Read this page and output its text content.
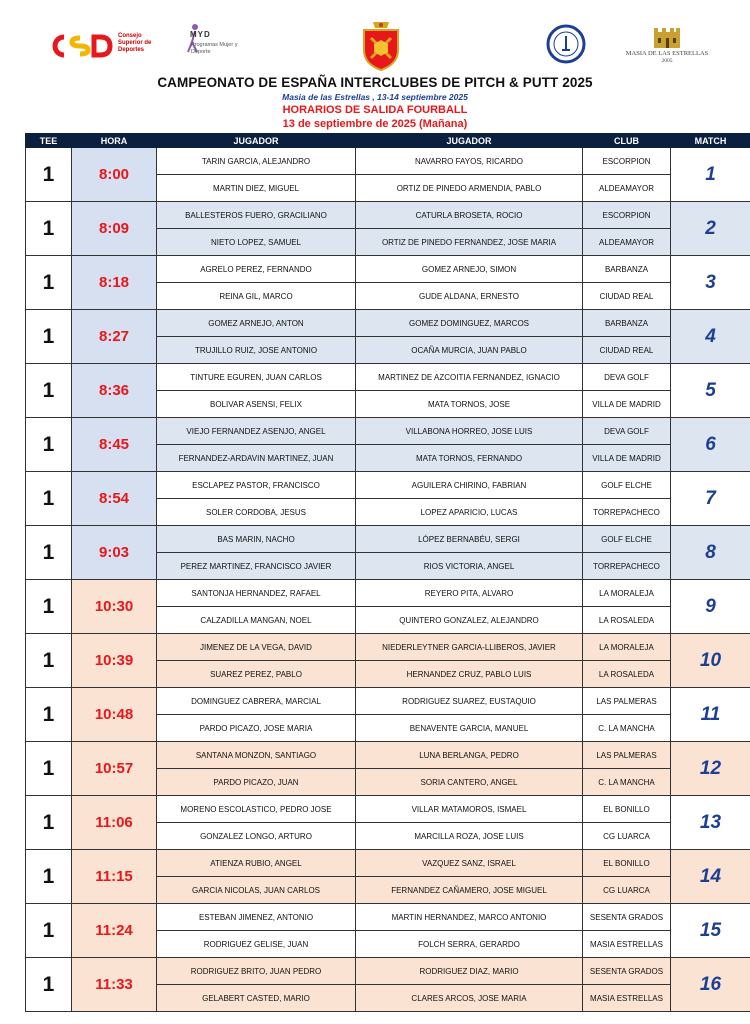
Consejo Superior de Deportes
MYD
Programas Mujer y Deporte	MASIA DE LAS ESTRELLAS
2005
CAMPEONATO DE ESPAÑA INTERCLUBES DE PITCH & PUTT 2025
Masia de las Estrellas , 13-14 septiembre 2025
HORARIOS DE SALIDA FOURBALL
13 de septiembre de 2025 (Mañana)
TEE	HORA	JUGADOR	JUGADOR	CLUB	MATCH
1	8:00	TARIN GARCIA, ALEJANDRO	NAVARRO FAYOS, RICARDO	ESCORPION	1
		MARTIN DIEZ, MIGUEL	ORTIZ DE PINEDO ARMENDIA, PABLO	ALDEAMAYOR	
1	8:09	BALLESTEROS FUERO, GRACILIANO	CATURLA BROSETA, ROCIO	ESCORPION	2
		NIETO LOPEZ, SAMUEL	ORTIZ DE PINEDO FERNANDEZ, JOSE MARIA	ALDEAMAYOR	
1	8:18	AGRELO PEREZ, FERNANDO	GOMEZ ARNEJO, SIMON	BARBANZA	3
		REINA GIL, MARCO	GUDE ALDANA, ERNESTO	CIUDAD REAL	
1	8:27	GOMEZ ARNEJO, ANTON	GOMEZ DOMINGUEZ, MARCOS	BARBANZA	4
		TRUJILLO RUIZ, JOSE ANTONIO	OCAÑA MURCIA, JUAN PABLO	CIUDAD REAL	
1	8:36	TINTURE EGUREN, JUAN CARLOS	MARTINEZ DE AZCOITIA FERNANDEZ, IGNACIO	DEVA GOLF	5
		BOLIVAR ASENSI, FELIX	MATA TORNOS, JOSE	VILLA DE MADRID	
1	8:45	VIEJO FERNANDEZ ASENJO, ANGEL	VILLABONA HORREO, JOSE LUIS	DEVA GOLF	6
		FERNANDEZ-ARDAVIN MARTINEZ, JUAN	MATA TORNOS, FERNANDO	VILLA DE MADRID	
1	8:54	ESCLAPEZ PASTOR, FRANCISCO	AGUILERA CHIRINO, FABRIAN	GOLF ELCHE	7
		SOLER CORDOBA, JESUS	LOPEZ APARICIO, LUCAS	TORREPACHECO	
1	9:03	BAS MARIN, NACHO	LÓPEZ BERNABÉU, SERGI	GOLF ELCHE	8
		PEREZ MARTINEZ, FRANCISCO JAVIER	RIOS VICTORIA, ANGEL	TORREPACHECO	
1	10:30	SANTONJA HERNANDEZ, RAFAEL	REYERO PITA, ALVARO	LA MORALEJA	9
		CALZADILLA MANGAN, NOEL	QUINTERO GONZALEZ, ALEJANDRO	LA ROSALEDA	
1	10:39	JIMENEZ DE LA VEGA, DAVID	NIEDERLEYTNER GARCIA-LLIBEROS, JAVIER	LA MORALEJA	10
		SUAREZ PEREZ, PABLO	HERNANDEZ CRUZ, PABLO LUIS	LA ROSALEDA	
1	10:48	DOMINGUEZ CABRERA, MARCIAL	RODRIGUEZ SUAREZ, EUSTAQUIO	LAS PALMERAS	11
		PARDO PICAZO, JOSE MARIA	BENAVENTE GARCIA, MANUEL	C. LA MANCHA	
1	10:57	SANTANA MONZON, SANTIAGO	LUNA BERLANGA, PEDRO	LAS PALMERAS	12
		PARDO PICAZO, JUAN	SORIA CANTERO, ANGEL	C. LA MANCHA	
1	11:06	MORENO ESCOLASTICO, PEDRO JOSE	VILLAR MATAMOROS, ISMAEL	EL BONILLO	13
		GONZALEZ LONGO, ARTURO	MARCILLA ROZA, JOSE LUIS	CG LUARCA	
1	11:15	ATIENZA RUBIO, ANGEL	VAZQUEZ SANZ, ISRAEL	EL BONILLO	14
		GARCIA NICOLAS, JUAN CARLOS	FERNANDEZ CAÑAMERO, JOSE MIGUEL	CG LUARCA	
1	11:24	ESTEBAN JIMENEZ, ANTONIO	MARTIN HERNANDEZ, MARCO ANTONIO	SESENTA GRADOS	15
		RODRIGUEZ GELISE, JUAN	FOLCH SERRA, GERARDO	MASIA ESTRELLAS	
1	11:33	RODRIGUEZ BRITO, JUAN PEDRO	RODRIGUEZ DIAZ, MARIO	SESENTA GRADOS	16
		GELABERT CASTED, MARIO	CLARES ARCOS, JOSE MARIA	MASIA ESTRELLAS	
